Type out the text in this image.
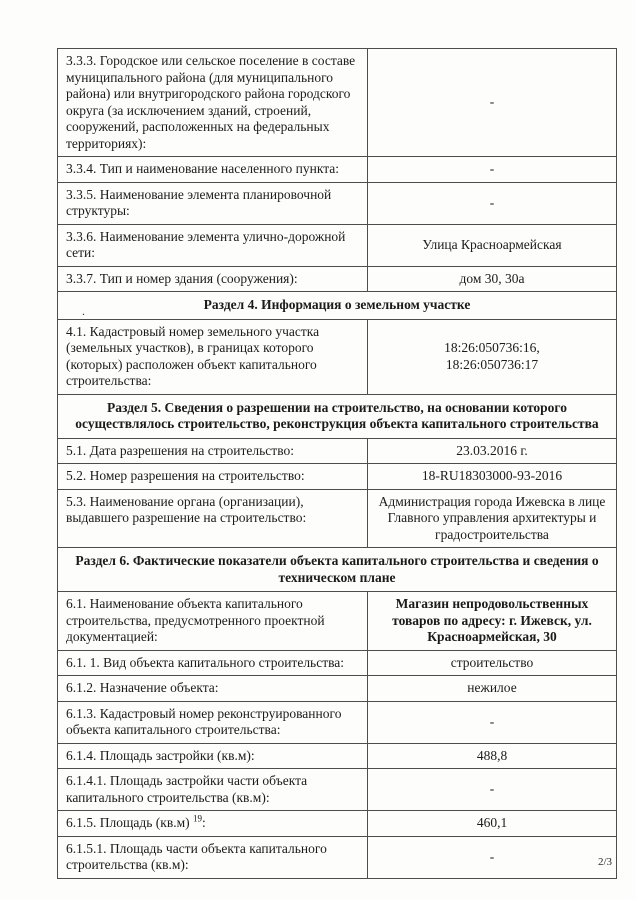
3.3.3. Городское или сельское поселение в составе муниципального района (для муниципального района) или внутригородского района городского округа (за исключением зданий, строений, сооружений, расположенных на федеральных территориях):	-
3.3.4. Тип и наименование населенного пункта:	-
3.3.5. Наименование элемента планировочной структуры:	-
3.3.6. Наименование элемента улично-дорожной сети:	Улица Красноармейская
3.3.7. Тип и номер здания (сооружения):	дом 30, 30а
Раздел 4. Информация о земельном участке
.	

4.1. Кадастровый номер земельного участка (земельных участков), в границах которого (которых) расположен объект капитального строительства:	18:26:050736:16,
18:26:050736:17
Раздел 5. Сведения о разрешении на строительство, на основании которого осуществлялось строительство, реконструкция объекта капитального строительства	
5.1. Дата разрешения на строительство:	23.03.2016 г.
5.2. Номер разрешения на строительство:	18-RU18303000-93-2016
5.3. Наименование органа (организации), выдавшего разрешение на строительство:	Администрация города Ижевска в лице Главного управления архитектуры и градостроительства
Раздел 6. Фактические показатели объекта капитального строительства и сведения о техническом плане	
6.1. Наименование объекта капитального строительства, предусмотренного проектной документацией:	Магазин непродовольственных товаров по адресу: г. Ижевск, ул. Красноармейская, 30
6.1. 1. Вид объекта капитального строительства:	строительство
6.1.2. Назначение объекта:	нежилое
6.1.3. Кадастровый номер реконструированного объекта капитального строительства:	-
6.1.4. Площадь застройки (кв.м):	488,8
6.1.4.1. Площадь застройки части объекта капитального строительства (кв.м):	-
6.1.5. Площадь (кв.м) $^{19}$:	460,1
6.1.5.1. Площадь части объекта капитального строительства (кв.м):	-	2/3
